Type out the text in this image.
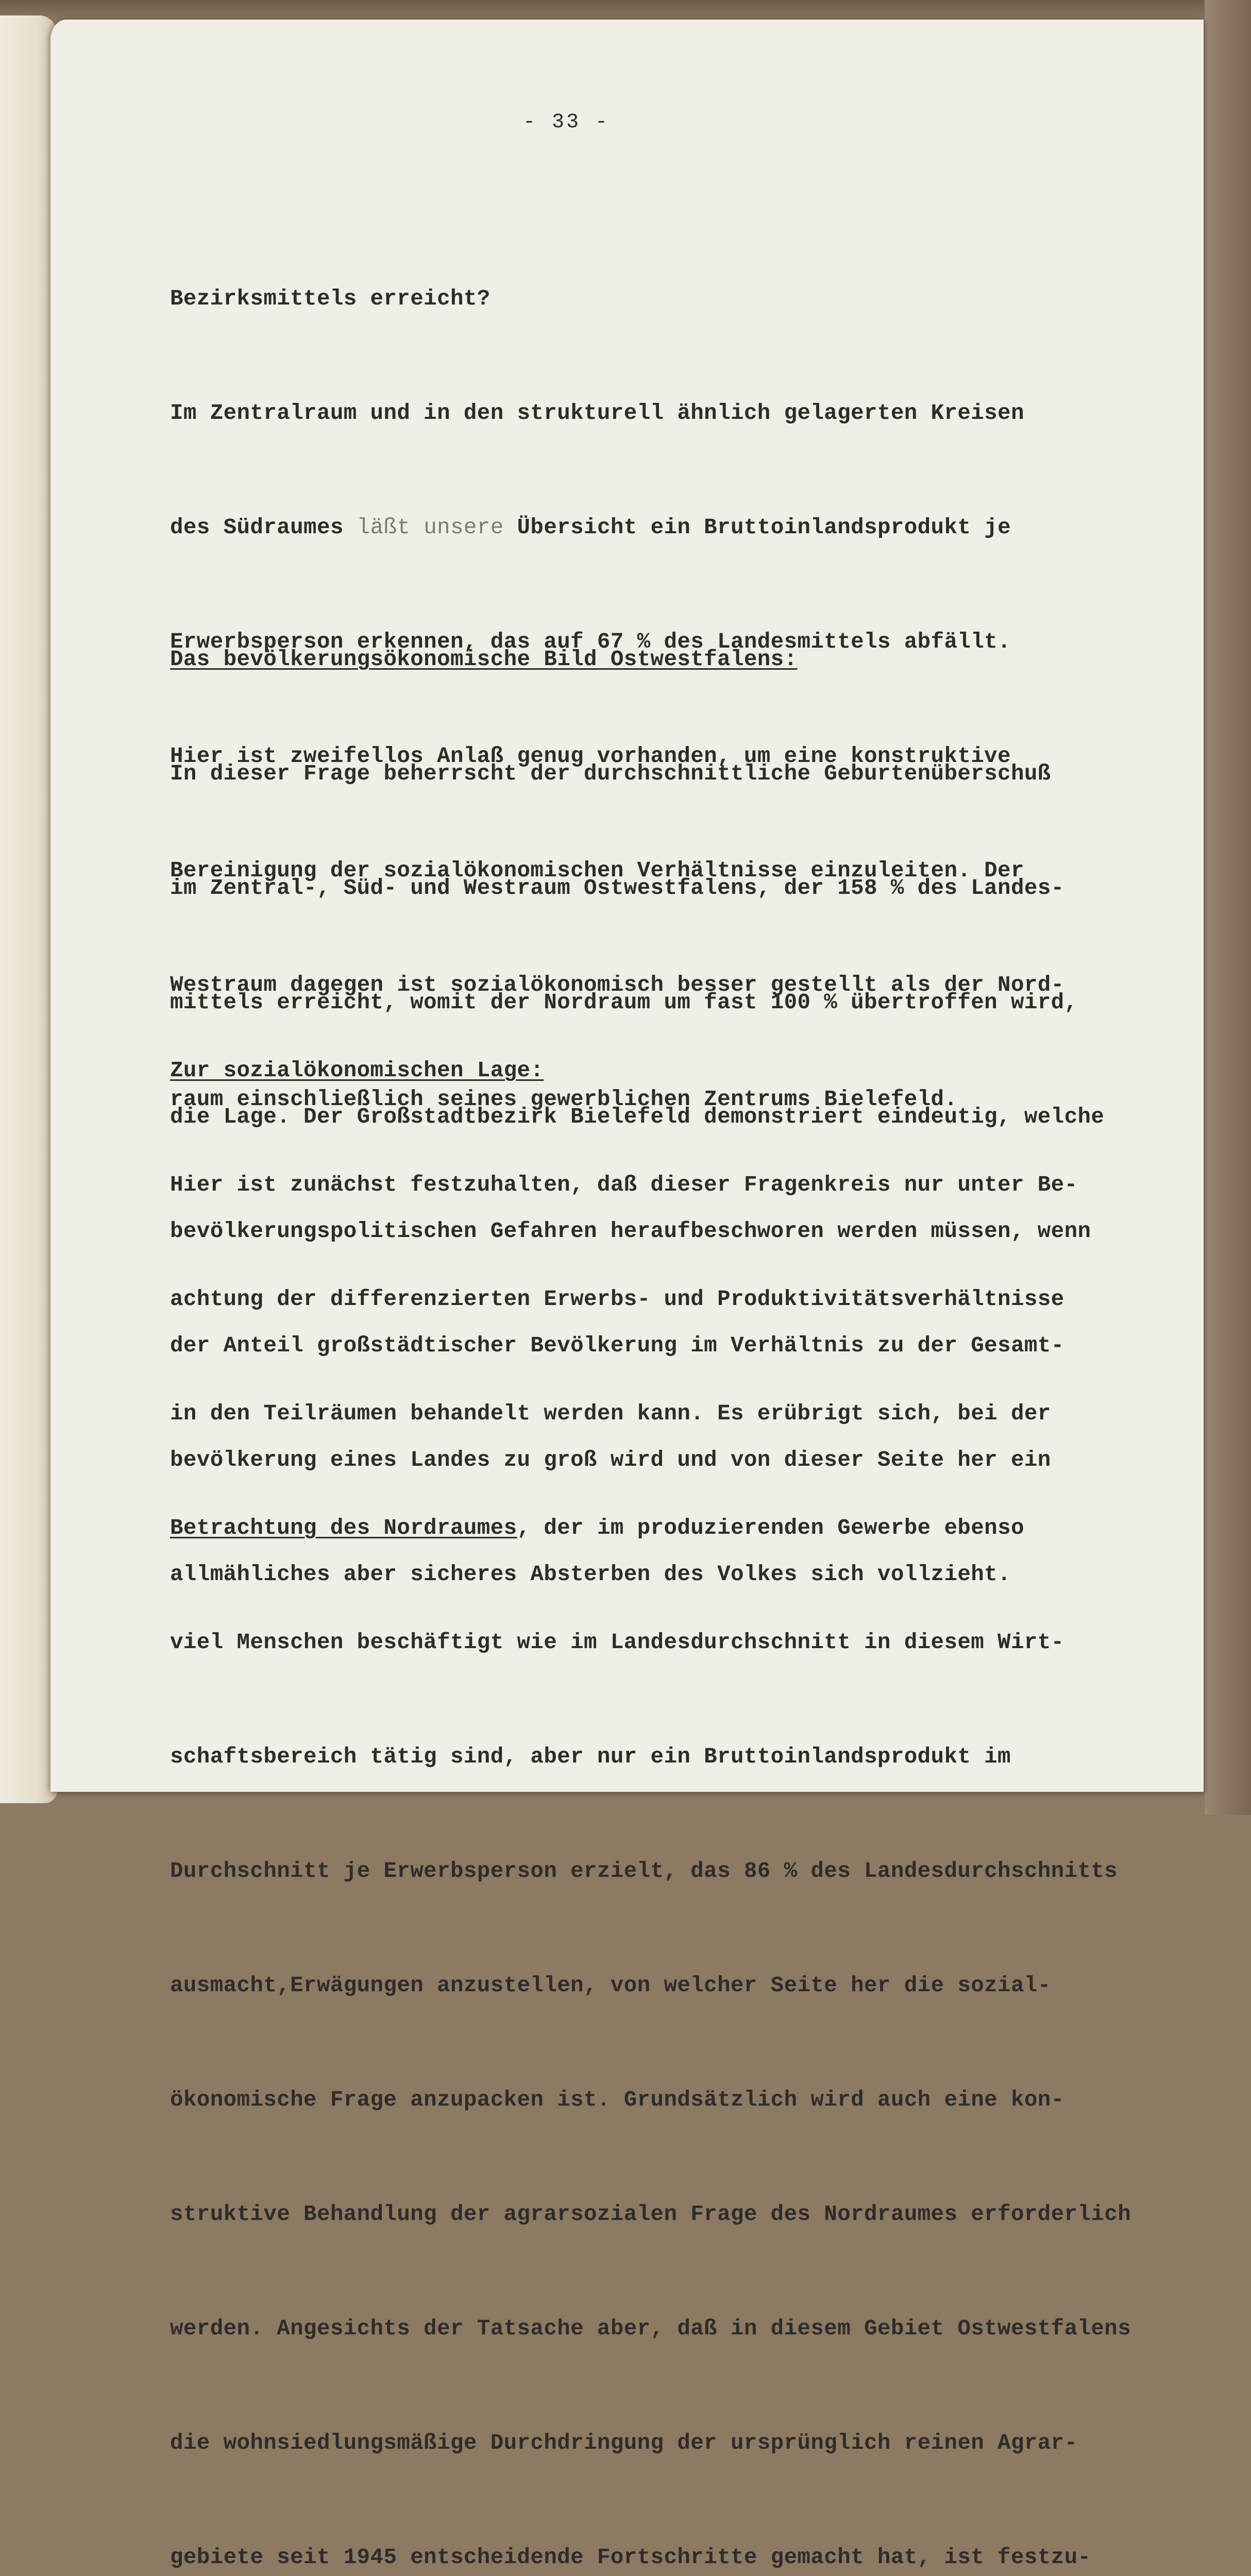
- 33 -

Bezirksmittels erreicht?

Im Zentralraum und in den strukturell ähnlich gelagerten Kreisen

des Südraumes läßt unsere Übersicht ein Bruttoinlandsprodukt je

Erwerbsperson erkennen, das auf 67 % des Landesmittels abfällt.

Hier ist zweifellos Anlaß genug vorhanden, um eine konstruktive

Bereinigung der sozialökonomischen Verhältnisse einzuleiten. Der

Westraum dagegen ist sozialökonomisch besser gestellt als der Nord-

raum einschließlich seines gewerblichen Zentrums Bielefeld.

Das bevölkerungsökonomische Bild Ostwestfalens:

In dieser Frage beherrscht der durchschnittliche Geburtenüberschuß

im Zentral-, Süd- und Westraum Ostwestfalens, der 158 % des Landes-

mittels erreicht, womit der Nordraum um fast 100 % übertroffen wird,

die Lage. Der Großstadtbezirk Bielefeld demonstriert eindeutig, welche

bevölkerungspolitischen Gefahren heraufbeschworen werden müssen, wenn

der Anteil großstädtischer Bevölkerung im Verhältnis zu der Gesamt-

bevölkerung eines Landes zu groß wird und von dieser Seite her ein

allmähliches aber sicheres Absterben des Volkes sich vollzieht.

Zur sozialökonomischen Lage:

Hier ist zunächst festzuhalten, daß dieser Fragenkreis nur unter Be-

achtung der differenzierten Erwerbs- und Produktivitätsverhältnisse

in den Teilräumen behandelt werden kann. Es erübrigt sich, bei der

Betrachtung des Nordraumes, der im produzierenden Gewerbe ebenso

viel Menschen beschäftigt wie im Landesdurchschnitt in diesem Wirt-

schaftsbereich tätig sind, aber nur ein Bruttoinlandsprodukt im

Durchschnitt je Erwerbsperson erzielt, das 86 % des Landesdurchschnitts

ausmacht,Erwägungen anzustellen, von welcher Seite her die sozial-

ökonomische Frage anzupacken ist. Grundsätzlich wird auch eine kon-

struktive Behandlung der agrarsozialen Frage des Nordraumes erforderlich

werden. Angesichts der Tatsache aber, daß in diesem Gebiet Ostwestfalens

die wohnsiedlungsmäßige Durchdringung der ursprünglich reinen Agrar-

gebiete seit 1945 entscheidende Fortschritte gemacht hat, ist festzu-
